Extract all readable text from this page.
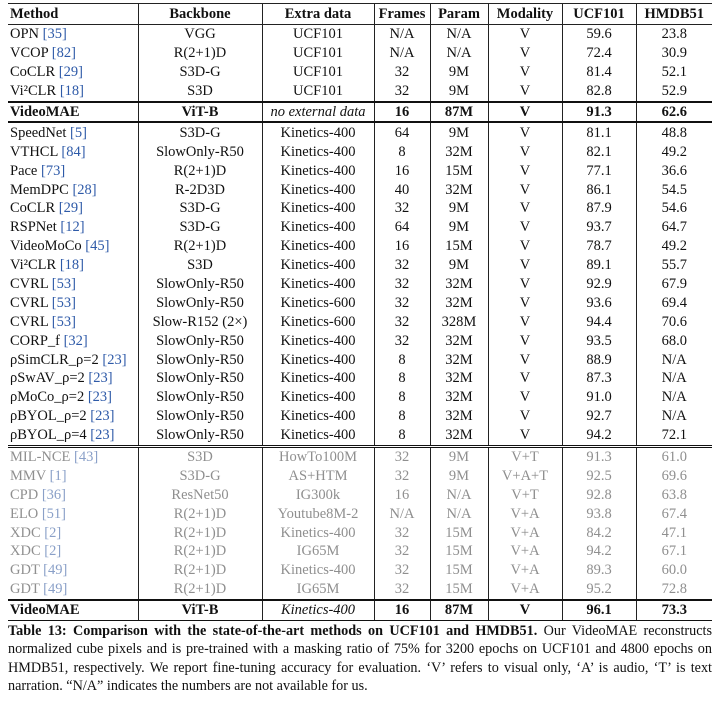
Method	Backbone	Extra data	Frames	Param	Modality	UCF101	HMDB51
OPN [35]	VGG	UCF101	N/A	N/A	V	59.6	23.8
VCOP [82]	R(2+1)D	UCF101	N/A	N/A	V	72.4	30.9
CoCLR [29]	S3D-G	UCF101	32	9M	V	81.4	52.1
Vi²CLR [18]	S3D	UCF101	32	9M	V	82.8	52.9
VideoMAE	ViT-B	no external data	16	87M	V	91.3	62.6
SpeedNet [5]	S3D-G	Kinetics-400	64	9M	V	81.1	48.8
VTHCL [84]	SlowOnly-R50	Kinetics-400	8	32M	V	82.1	49.2
Pace [73]	R(2+1)D	Kinetics-400	16	15M	V	77.1	36.6
MemDPC [28]	R-2D3D	Kinetics-400	40	32M	V	86.1	54.5
CoCLR [29]	S3D-G	Kinetics-400	32	9M	V	87.9	54.6
RSPNet [12]	S3D-G	Kinetics-400	64	9M	V	93.7	64.7
VideoMoCo [45]	R(2+1)D	Kinetics-400	16	15M	V	78.7	49.2
Vi²CLR [18]	S3D	Kinetics-400	32	9M	V	89.1	55.7
CVRL [53]	SlowOnly-R50	Kinetics-400	32	32M	V	92.9	67.9
CVRL [53]	SlowOnly-R50	Kinetics-600	32	32M	V	93.6	69.4
CVRL [53]	Slow-R152 (2×)	Kinetics-600	32	328M	V	94.4	70.6
CORP_f [32]	SlowOnly-R50	Kinetics-400	32	32M	V	93.5	68.0
ρSimCLR_ρ=2 [23]	SlowOnly-R50	Kinetics-400	8	32M	V	88.9	N/A
ρSwAV_ρ=2 [23]	SlowOnly-R50	Kinetics-400	8	32M	V	87.3	N/A
ρMoCo_ρ=2 [23]	SlowOnly-R50	Kinetics-400	8	32M	V	91.0	N/A
ρBYOL_ρ=2 [23]	SlowOnly-R50	Kinetics-400	8	32M	V	92.7	N/A
ρBYOL_ρ=4 [23]	SlowOnly-R50	Kinetics-400	8	32M	V	94.2	72.1
MIL-NCE [43]	S3D	HowTo100M	32	9M	V+T	91.3	61.0
MMV [1]	S3D-G	AS+HTM	32	9M	V+A+T	92.5	69.6
CPD [36]	ResNet50	IG300k	16	N/A	V+T	92.8	63.8
ELO [51]	R(2+1)D	Youtube8M-2	N/A	N/A	V+A	93.8	67.4
XDC [2]	R(2+1)D	Kinetics-400	32	15M	V+A	84.2	47.1
XDC [2]	R(2+1)D	IG65M	32	15M	V+A	94.2	67.1
GDT [49]	R(2+1)D	Kinetics-400	32	15M	V+A	89.3	60.0
GDT [49]	R(2+1)D	IG65M	32	15M	V+A	95.2	72.8
VideoMAE	ViT-B	Kinetics-400	16	87M	V	96.1	73.3
Table 13: Comparison with the state-of-the-art methods on UCF101 and HMDB51. Our VideoMAE reconstructs normalized cube pixels and is pre-trained with a masking ratio of 75% for 3200 epochs on UCF101 and 4800 epochs on HMDB51, respectively. We report fine-tuning accuracy for evaluation. ‘V’ refers to visual only, ‘A’ is audio, ‘T’ is text narration. “N/A” indicates the numbers are not available for us.
